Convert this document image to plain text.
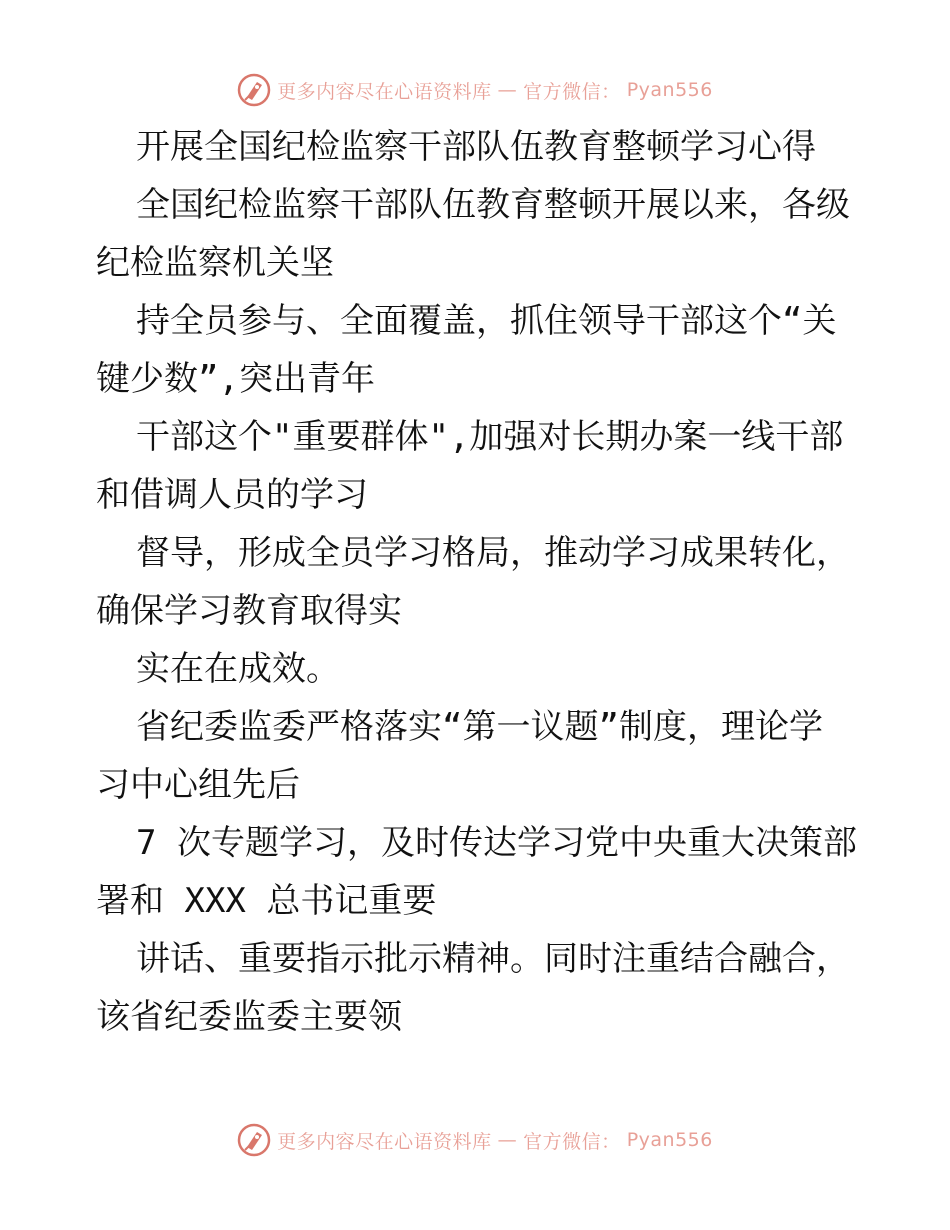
更多内容尽在心语资料库 — 官方微信： Pyan556
开展全国纪检监察干部队伍教育整顿学习心得
全国纪检监察干部队伍教育整顿开展以来，各级
纪检监察机关坚
持全员参与、全面覆盖，抓住领导干部这个“关
键少数”,突出青年
干部这个"重要群体",加强对长期办案一线干部
和借调人员的学习
督导，形成全员学习格局，推动学习成果转化，
确保学习教育取得实
实在在成效。
省纪委监委严格落实“第一议题”制度，理论学
习中心组先后
7 次专题学习，及时传达学习党中央重大决策部
署和 XXX 总书记重要
讲话、重要指示批示精神。同时注重结合融合，
该省纪委监委主要领
更多内容尽在心语资料库 — 官方微信： Pyan556
